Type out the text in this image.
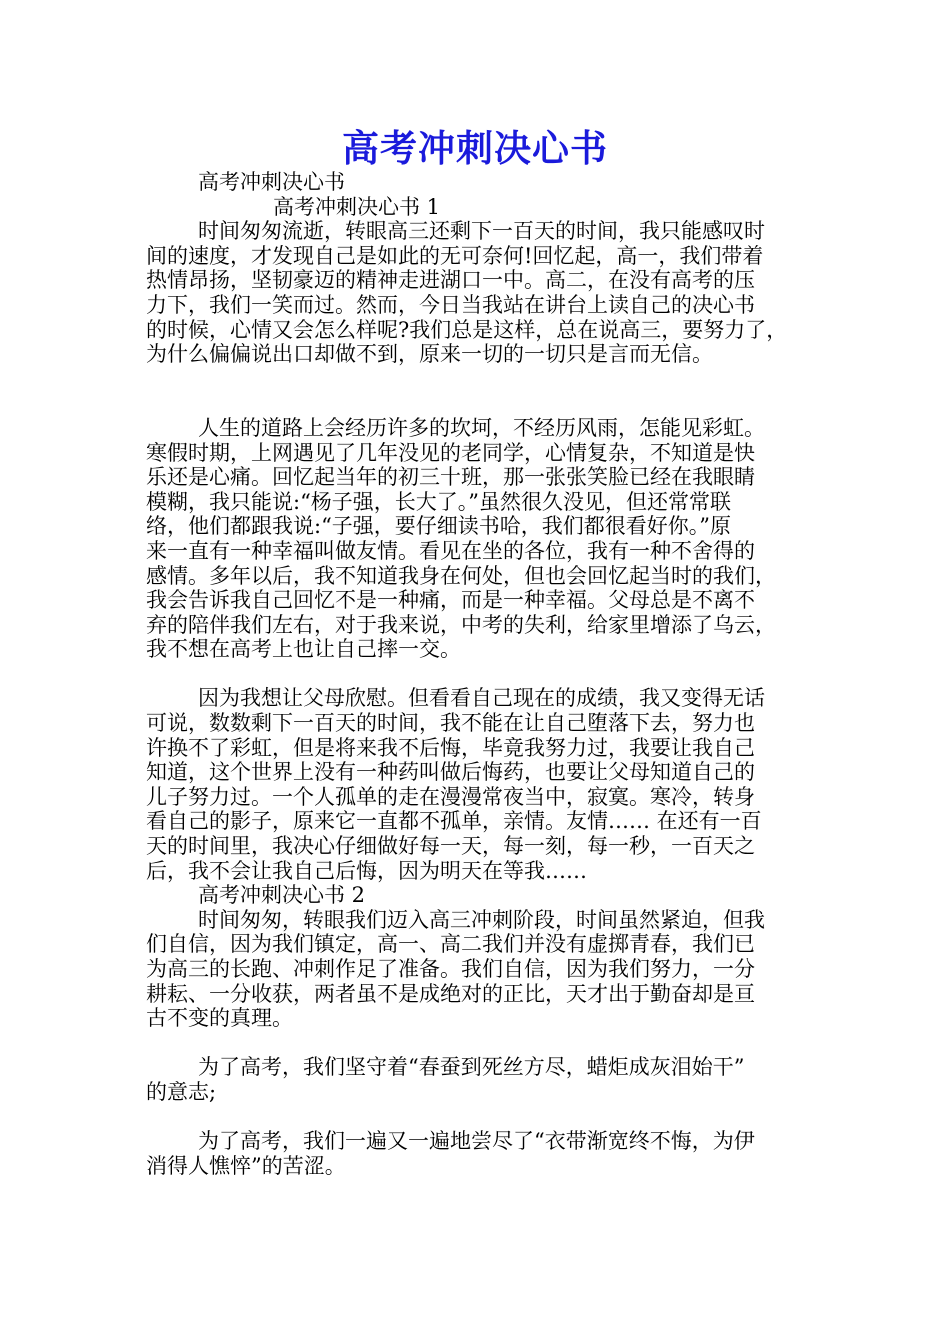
高考冲刺决心书
高考冲刺决心书
高考冲刺决心书 1
时间匆匆流逝，转眼高三还剩下一百天的时间，我只能感叹时
间的速度，才发现自己是如此的无可奈何!回忆起，高一，我们带着
热情昂扬，坚韧豪迈的精神走进湖口一中。高二，在没有高考的压
力下，我们一笑而过。然而，今日当我站在讲台上读自己的决心书
的时候，心情又会怎么样呢?我们总是这样，总在说高三，要努力了，
为什么偏偏说出口却做不到，原来一切的一切只是言而无信。
人生的道路上会经历许多的坎坷，不经历风雨，怎能见彩虹。
寒假时期，上网遇见了几年没见的老同学，心情复杂，不知道是快
乐还是心痛。回忆起当年的初三十班，那一张张笑脸已经在我眼睛
模糊，我只能说:“杨子强，长大了。”虽然很久没见，但还常常联
络，他们都跟我说:“子强，要仔细读书哈，我们都很看好你。”原
来一直有一种幸福叫做友情。看见在坐的各位，我有一种不舍得的
感情。多年以后，我不知道我身在何处，但也会回忆起当时的我们，
我会告诉我自己回忆不是一种痛，而是一种幸福。父母总是不离不
弃的陪伴我们左右，对于我来说，中考的失利，给家里增添了乌云，
我不想在高考上也让自己摔一交。
因为我想让父母欣慰。但看看自己现在的成绩，我又变得无话
可说，数数剩下一百天的时间，我不能在让自己堕落下去，努力也
许换不了彩虹，但是将来我不后悔，毕竟我努力过，我要让我自己
知道，这个世界上没有一种药叫做后悔药，也要让父母知道自己的
儿子努力过。一个人孤单的走在漫漫常夜当中，寂寞。寒冷，转身
看自己的影子，原来它一直都不孤单，亲情。友情…… 在还有一百
天的时间里，我决心仔细做好每一天，每一刻，每一秒，一百天之
后，我不会让我自己后悔，因为明天在等我……
高考冲刺决心书 2
时间匆匆，转眼我们迈入高三冲刺阶段，时间虽然紧迫，但我
们自信，因为我们镇定，高一、高二我们并没有虚掷青春，我们已
为高三的长跑、冲刺作足了准备。我们自信，因为我们努力，一分
耕耘、一分收获，两者虽不是成绝对的正比，天才出于勤奋却是亘
古不变的真理。
为了高考，我们坚守着“春蚕到死丝方尽，蜡炬成灰泪始干”
的意志;
为了高考，我们一遍又一遍地尝尽了“衣带渐宽终不悔，为伊
消得人憔悴”的苦涩。
